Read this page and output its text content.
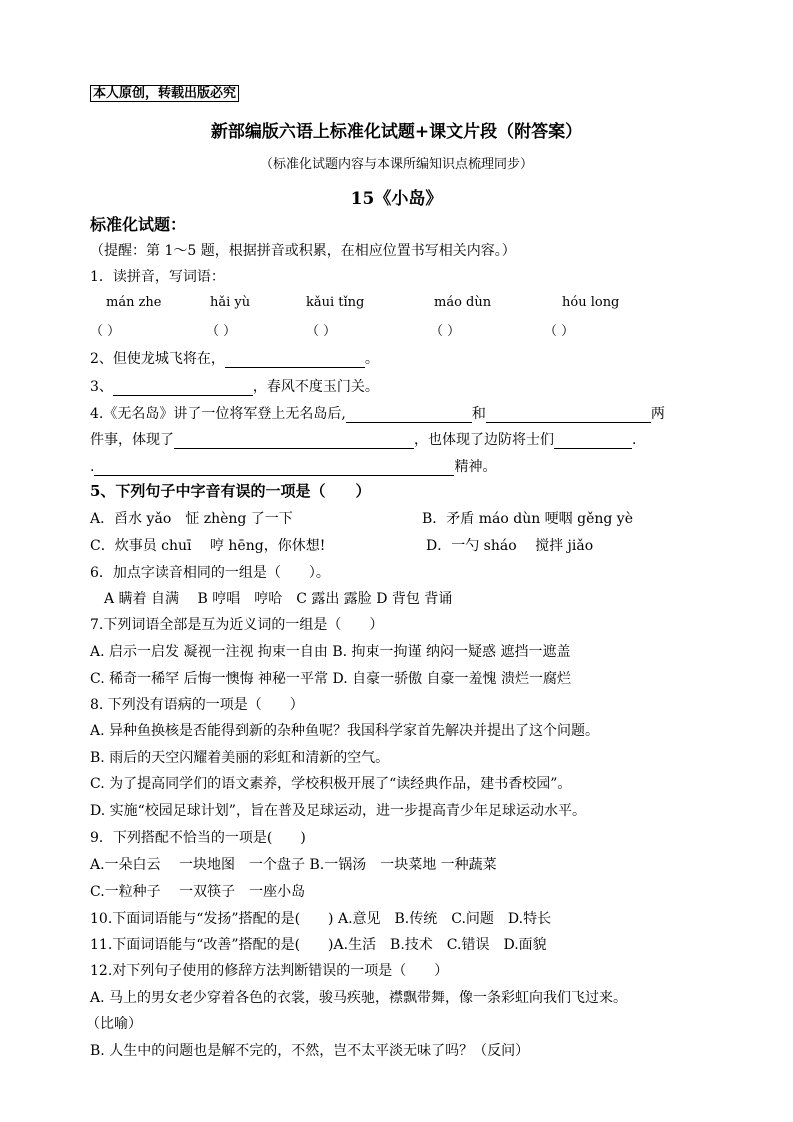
本人原创，转载出版必究
新部编版六语上标准化试题+课文片段（附答案）
（标准化试题内容与本课所编知识点梳理同步）
15《小岛》
标准化试题：
（提醒：第 1～5 题，根据拼音或积累，在相应位置书写相关内容。）
1．读拼音，写词语：
mán zhe	hǎi yù	kǎui tǐng	máo dùn	hóu long
（ ）	（ ）	（ ）	（ ）	（ ）
2、但使龙城飞将在，	。
3、	，春风不度玉门关。
4.《无名岛》讲了一位将军登上无名岛后,	和	两
件事，体现了	，也体现了边防将士们	.
.	精神。
5、下列句子中字音有误的一项是（　　）
A．舀水 yǎo　怔 zhèng 了一下	B．矛盾 máo dùn 哽咽 gěng yè
C．炊事员 chuī　 哼 hēng，你休想!	D．一勺 sháo　 搅拌 jiǎo
6．加点字读音相同的一组是（　　）。
A 瞒着 自满　 B 哼唱　哼哈　C 露出 露脸 D 背包 背诵
7.下列词语全部是互为近义词的一组是（　　）
A. 启示一启发 凝视一注视 拘束一自由 B. 拘束一拘谨 纳闷一疑惑 遮挡一遮盖
C. 稀奇一稀罕 后悔一懊悔 神秘一平常 D. 自豪一骄傲 自豪一羞愧 溃烂一腐烂
8. 下列没有语病的一项是（　　）
A. 异种鱼换核是否能得到新的杂种鱼呢？我国科学家首先解决并提出了这个问题。
B. 雨后的天空闪耀着美丽的彩虹和清新的空气。
C. 为了提高同学们的语文素养，学校积极开展了“读经典作品，建书香校园”。
D. 实施“校园足球计划”，旨在普及足球运动，进一步提高青少年足球运动水平。
9．下列搭配不恰当的一项是(　　)
A.一朵白云　 一块地图　一个盘子 B.一锅汤　一块菜地 一种蔬菜
C.一粒种子　 一双筷子　一座小岛
10.下面词语能与“发扬”搭配的是(　　) A.意见　B.传统　C.问题　D.特长
11.下面词语能与“改善”搭配的是(　　)A.生活　B.技术　C.错误　D.面貌
12.对下列句子使用的修辞方法判断错误的一项是（　　）
A. 马上的男女老少穿着各色的衣裳，骏马疾驰，襟飘带舞，像一条彩虹向我们飞过来。
（比喻）
B. 人生中的问题也是解不完的，不然，岂不太平淡无味了吗？（反问）
